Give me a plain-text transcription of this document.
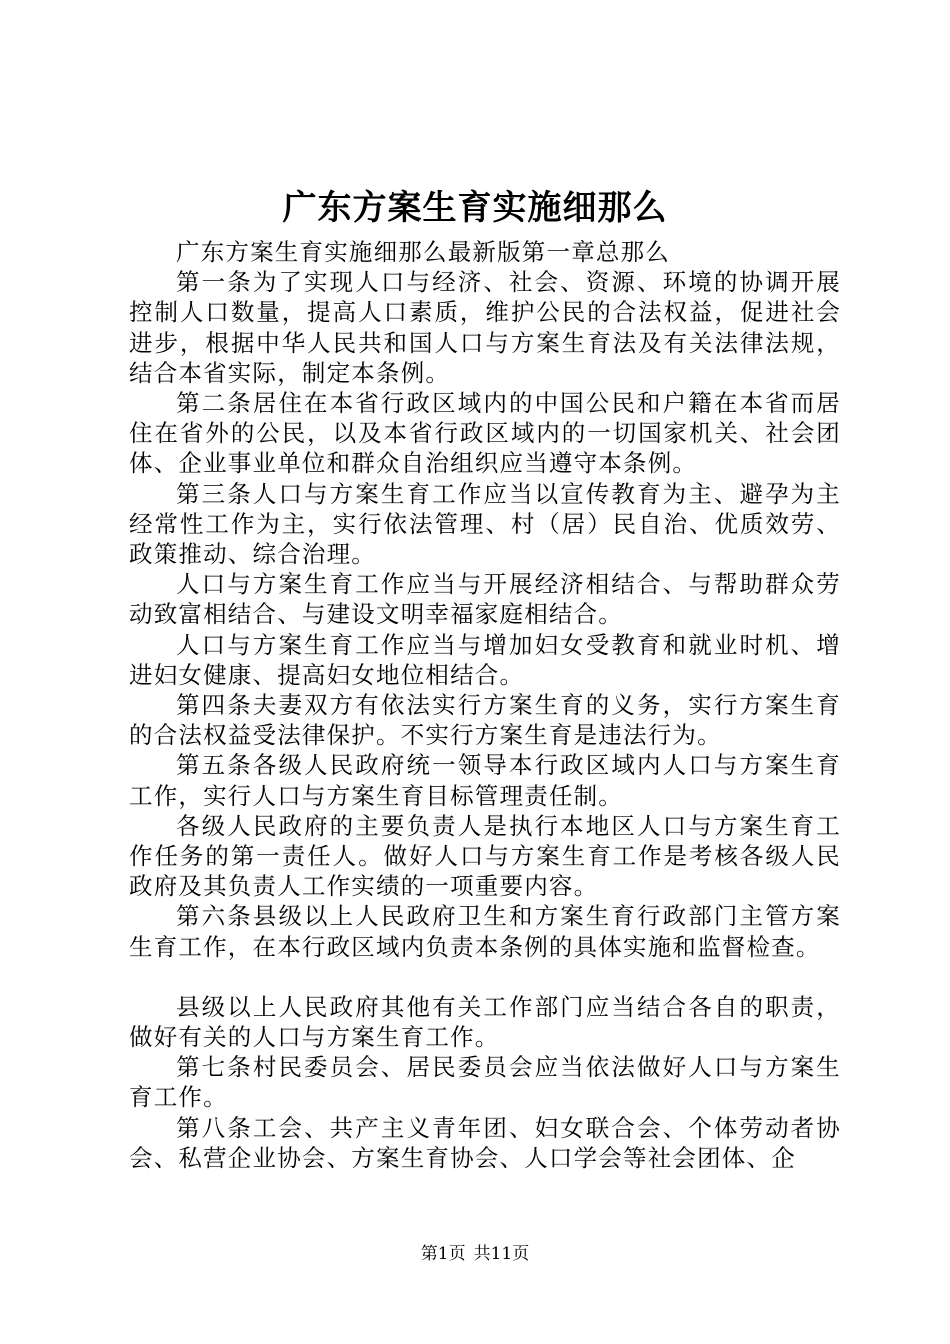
广东方案生育实施细那么

广东方案生育实施细那么最新版第一章总那么

第一条为了实现人口与经济、社会、资源、环境的协调开展控制人口数量，提高人口素质，维护公民的合法权益，促进社会进步，根据中华人民共和国人口与方案生育法及有关法律法规，结合本省实际，制定本条例。

第二条居住在本省行政区域内的中国公民和户籍在本省而居住在省外的公民，以及本省行政区域内的一切国家机关、社会团体、企业事业单位和群众自治组织应当遵守本条例。

第三条人口与方案生育工作应当以宣传教育为主、避孕为主经常性工作为主，实行依法管理、村（居）民自治、优质效劳、政策推动、综合治理。

人口与方案生育工作应当与开展经济相结合、与帮助群众劳动致富相结合、与建设文明幸福家庭相结合。

人口与方案生育工作应当与增加妇女受教育和就业时机、增进妇女健康、提高妇女地位相结合。

第四条夫妻双方有依法实行方案生育的义务，实行方案生育的合法权益受法律保护。不实行方案生育是违法行为。

第五条各级人民政府统一领导本行政区域内人口与方案生育工作，实行人口与方案生育目标管理责任制。

各级人民政府的主要负责人是执行本地区人口与方案生育工作任务的第一责任人。做好人口与方案生育工作是考核各级人民政府及其负责人工作实绩的一项重要内容。

第六条县级以上人民政府卫生和方案生育行政部门主管方案生育工作，在本行政区域内负责本条例的具体实施和监督检查。

县级以上人民政府其他有关工作部门应当结合各自的职责，做好有关的人口与方案生育工作。

第七条村民委员会、居民委员会应当依法做好人口与方案生育工作。

第八条工会、共产主义青年团、妇女联合会、个体劳动者协会、私营企业协会、方案生育协会、人口学会等社会团体、企

第1页 共11页
